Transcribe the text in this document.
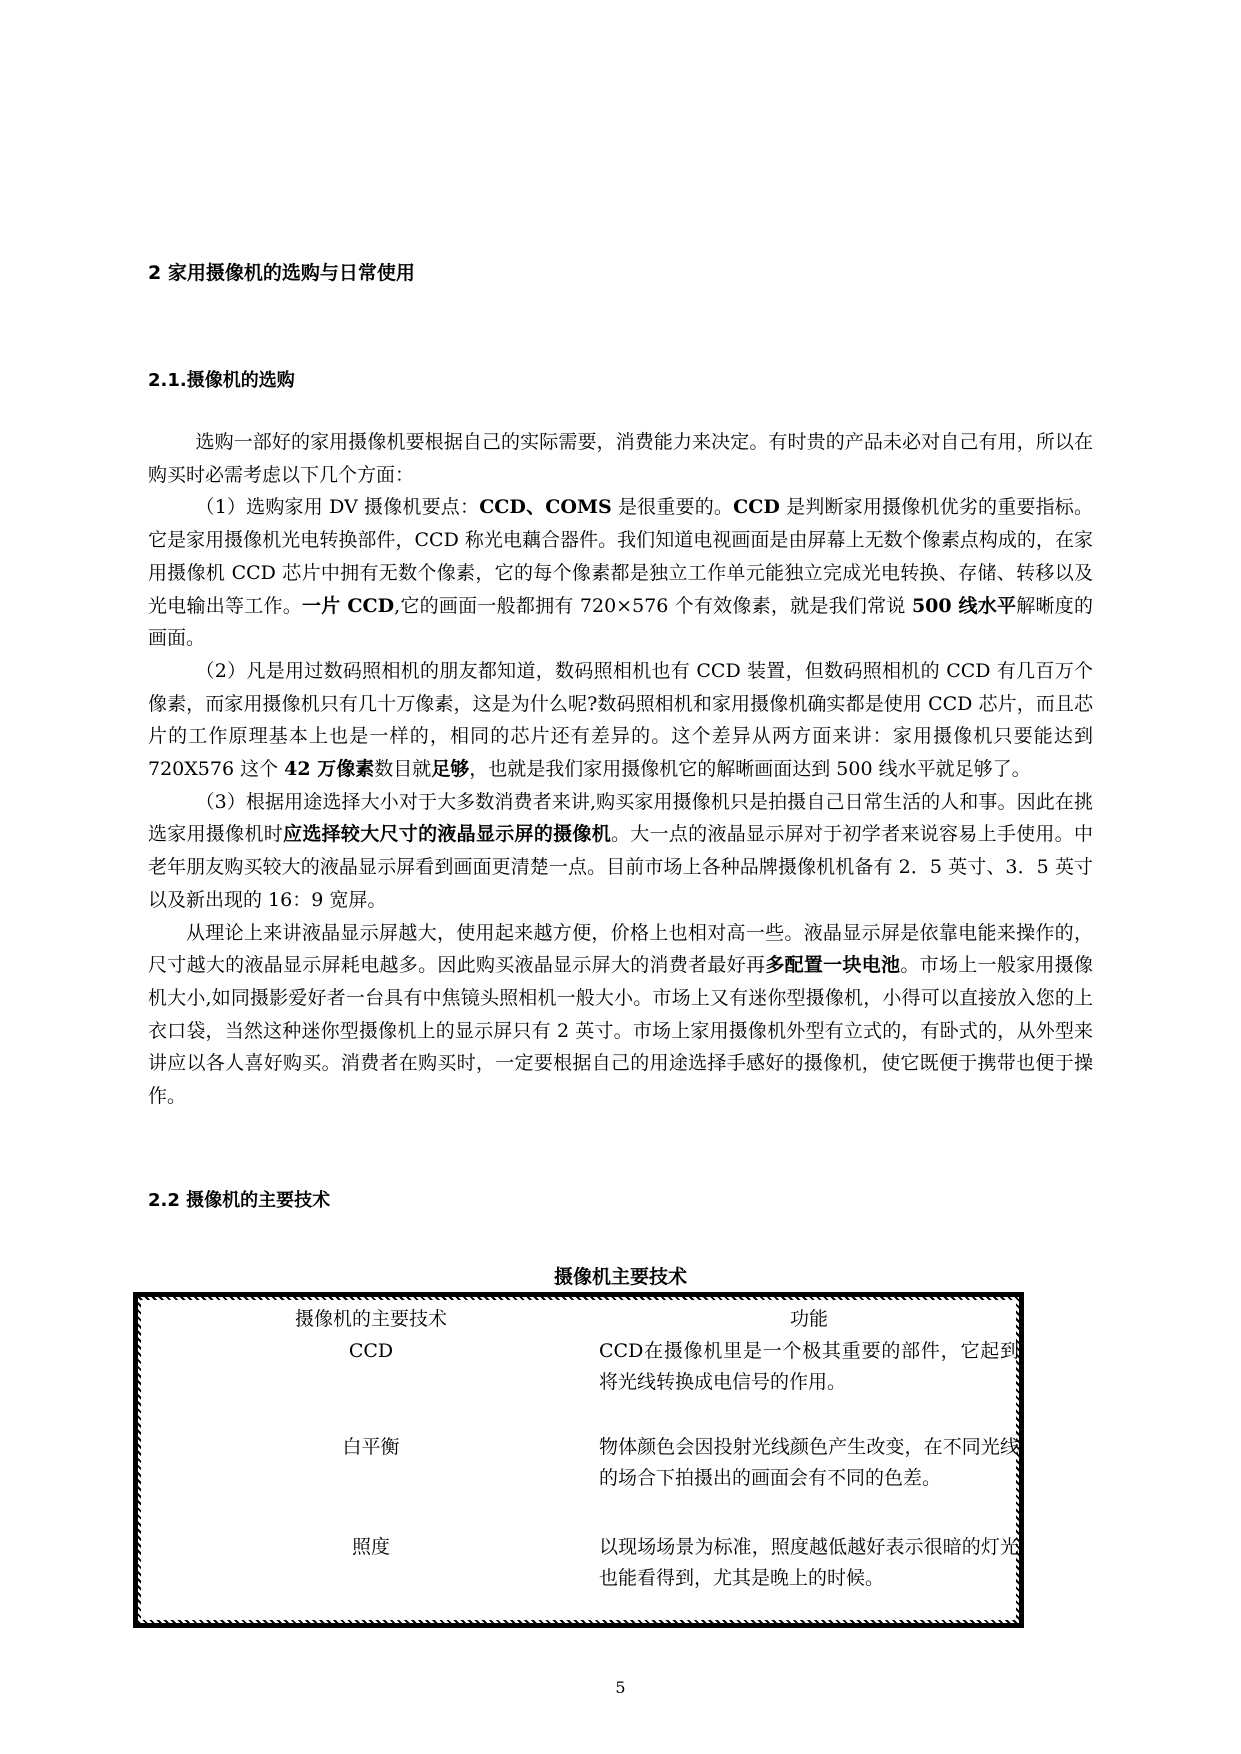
2 家用摄像机的选购与日常使用
2.1.摄像机的选购

选购一部好的家用摄像机要根据自己的实际需要，消费能力来决定。有时贵的产品未必对自己有用，所以在购买时必需考虑以下几个方面：

（1）选购家用 DV 摄像机要点：CCD、COMS 是很重要的。CCD 是判断家用摄像机优劣的重要指标。它是家用摄像机光电转换部件，CCD 称光电藕合器件。我们知道电视画面是由屏幕上无数个像素点构成的，在家用摄像机 CCD 芯片中拥有无数个像素，它的每个像素都是独立工作单元能独立完成光电转换、存储、转移以及光电输出等工作。一片 CCD,它的画面一般都拥有 720×576 个有效像素，就是我们常说 500 线水平解晰度的画面。

（2）凡是用过数码照相机的朋友都知道，数码照相机也有 CCD 装置，但数码照相机的 CCD 有几百万个像素，而家用摄像机只有几十万像素，这是为什么呢?数码照相机和家用摄像机确实都是使用 CCD 芯片，而且芯片的工作原理基本上也是一样的，相同的芯片还有差异的。这个差异从两方面来讲：家用摄像机只要能达到 720X576 这个 42 万像素数目就足够，也就是我们家用摄像机它的解晰画面达到 500 线水平就足够了。

（3）根据用途选择大小对于大多数消费者来讲,购买家用摄像机只是拍摄自己日常生活的人和事。因此在挑选家用摄像机时应选择较大尺寸的液晶显示屏的摄像机。大一点的液晶显示屏对于初学者来说容易上手使用。中老年朋友购买较大的液晶显示屏看到画面更清楚一点。目前市场上各种品牌摄像机机备有 2．5 英寸、3．5 英寸以及新出现的 16：9 宽屏。

从理论上来讲液晶显示屏越大，使用起来越方便，价格上也相对高一些。液晶显示屏是依靠电能来操作的，尺寸越大的液晶显示屏耗电越多。因此购买液晶显示屏大的消费者最好再多配置一块电池。市场上一般家用摄像机大小,如同摄影爱好者一台具有中焦镜头照相机一般大小。市场上又有迷你型摄像机，小得可以直接放入您的上衣口袋，当然这种迷你型摄像机上的显示屏只有 2 英寸。市场上家用摄像机外型有立式的，有卧式的，从外型来讲应以各人喜好购买。消费者在购买时，一定要根据自己的用途选择手感好的摄像机，使它既便于携带也便于操作。

2.2 摄像机的主要技术
摄像机主要技术
摄像机的主要技术	功能
CCD	CCD在摄像机里是一个极其重要的部件，它起到将光线转换成电信号的作用。
白平衡	物体颜色会因投射光线颜色产生改变，在不同光线的场合下拍摄出的画面会有不同的色差。
照度	以现场场景为标准，照度越低越好表示很暗的灯光也能看得到，尤其是晚上的时候。
5
